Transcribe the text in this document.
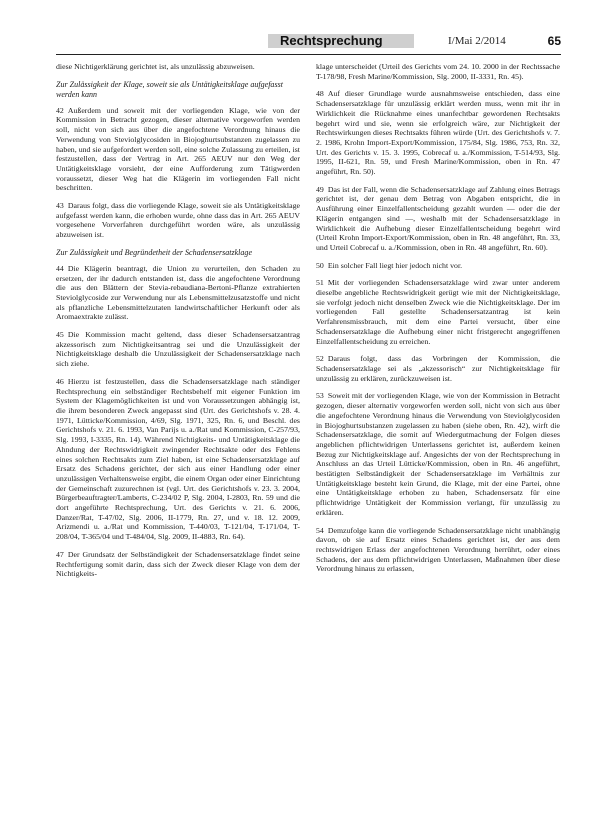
Rechtsprechung	I/Mai 2/2014	65

diese Nichtigerklärung gerichtet ist, als unzulässig abzuweisen.

Zur Zulässigkeit der Klage, soweit sie als Untätigkeitsklage aufgefasst werden kann

42 Außerdem und soweit mit der vorliegenden Klage, wie von der Kommission in Betracht gezogen, dieser alternative vorgeworfen werden soll, nicht von sich aus über die angefochtene Verordnung hinaus die Verwendung von Steviolglycosiden in Biojoghurtsubstanzen zugelassen zu haben, und sie aufgefordert werden soll, eine solche Zulassung zu erteilen, ist festzustellen, dass der Vertrag in Art. 265 AEUV nur den Weg der Untätigkeitsklage vorsieht, der eine Aufforderung zum Tätigwerden voraussetzt, dieser Weg hat die Klägerin im vorliegenden Fall nicht beschritten.

43 Daraus folgt, dass die vorliegende Klage, soweit sie als Untätigkeitsklage aufgefasst werden kann, die erhoben wurde, ohne dass das in Art. 265 AEUV vorgesehene Vorverfahren durchgeführt worden wäre, als unzulässig abzuweisen ist.

Zur Zulässigkeit und Begründetheit der Schadensersatzklage

44 Die Klägerin beantragt, die Union zu verurteilen, den Schaden zu ersetzen, der ihr dadurch entstanden ist, dass die angefochtene Verordnung die aus den Blättern der Stevia-rebaudiana-Bertoni-Pflanze extrahierten Steviolglycoside zur Verwendung nur als Lebensmittelzusatzstoffe und nicht als pflanzliche Lebensmittelzutaten landwirtschaftlicher Herkunft oder als Aromaextrakte zulässt.

45 Die Kommission macht geltend, dass dieser Schadensersatzantrag akzessorisch zum Nichtigkeitsantrag sei und die Unzulässigkeit der Nichtigkeitsklage deshalb die Unzulässigkeit der Schadensersatzklage nach sich ziehe.

46 Hierzu ist festzustellen, dass die Schadensersatzklage nach ständiger Rechtsprechung ein selbständiger Rechtsbehelf mit eigener Funktion im System der Klagemöglichkeiten ist und von Voraussetzungen abhängig ist, die ihrem besonderen Zweck angepasst sind (Urt. des Gerichtshofs v. 28. 4. 1971, Lütticke/Kommission, 4/69, Slg. 1971, 325, Rn. 6, und Beschl. des Gerichtshofs v. 21. 6. 1993, Van Parijs u. a./Rat und Kommission, C-257/93, Slg. 1993, I-3335, Rn. 14). Während Nichtigkeits- und Untätigkeitsklage die Ahndung der Rechtswidrigkeit zwingender Rechtsakte oder des Fehlens eines solchen Rechtsakts zum Ziel haben, ist eine Schadensersatzklage auf Ersatz des Schadens gerichtet, der sich aus einer Handlung oder einer unzulässigen Verhaltensweise ergibt, die einem Organ oder einer Einrichtung der Gemeinschaft zuzurechnen ist (vgl. Urt. des Gerichtshofs v. 23. 3. 2004, Bürgerbeauftragter/Lamberts, C-234/02 P, Slg. 2004, I-2803, Rn. 59 und die dort angeführte Rechtsprechung, Urt. des Gerichts v. 21. 6. 2006, Danzer/Rat, T-47/02, Slg. 2006, II-1779, Rn. 27, und v. 18. 12. 2009, Arizmendi u. a./Rat und Kommission, T-440/03, T-121/04, T-171/04, T-208/04, T-365/04 und T-484/04, Slg. 2009, II-4883, Rn. 64).

47 Der Grundsatz der Selbständigkeit der Schadensersatzklage findet seine Rechtfertigung somit darin, dass sich der Zweck dieser Klage von dem der Nichtigkeits-

klage unterscheidet (Urteil des Gerichts vom 24. 10. 2000 in der Rechtssache T-178/98, Fresh Marine/Kommission, Slg. 2000, II-3331, Rn. 45).

48 Auf dieser Grundlage wurde ausnahmsweise entschieden, dass eine Schadensersatzklage für unzulässig erklärt werden muss, wenn mit ihr in Wirklichkeit die Rücknahme eines unanfechtbar gewordenen Rechtsakts begehrt wird und sie, wenn sie erfolgreich wäre, zur Nichtigkeit der Rechtswirkungen dieses Rechtsakts führen würde (Urt. des Gerichtshofs v. 7. 2. 1986, Krohn Import-Export/Kommission, 175/84, Slg. 1986, 753, Rn. 32, Urt. des Gerichts v. 15. 3. 1995, Cobrecaf u. a./Kommission, T-514/93, Slg. 1995, II-621, Rn. 59, und Fresh Marine/Kommission, oben in Rn. 47 angeführt, Rn. 50).

49 Das ist der Fall, wenn die Schadensersatzklage auf Zahlung eines Betrags gerichtet ist, der genau dem Betrag von Abgaben entspricht, die in Ausführung einer Einzelfallentscheidung gezahlt wurden — oder die der Klägerin entgangen sind —, weshalb mit der Schadensersatzklage in Wirklichkeit die Aufhebung dieser Einzelfallentscheidung begehrt wird (Urteil Krohn Import-Export/Kommission, oben in Rn. 48 angeführt, Rn. 33, und Urteil Cobrecaf u. a./Kommission, oben in Rn. 48 angeführt, Rn. 60).

50 Ein solcher Fall liegt hier jedoch nicht vor.

51 Mit der vorliegenden Schadensersatzklage wird zwar unter anderem dieselbe angebliche Rechtswidrigkeit gerügt wie mit der Nichtigkeitsklage, sie verfolgt jedoch nicht denselben Zweck wie die Nichtigkeitsklage. Der im vorliegenden Fall gestellte Schadensersatzantrag ist kein Verfahrensmissbrauch, mit dem eine Partei versucht, über eine Schadensersatzklage die Aufhebung einer nicht fristgerecht angegriffenen Einzelfallentscheidung zu erreichen.

52 Daraus folgt, dass das Vorbringen der Kommission, die Schadensersatzklage sei als „akzessorisch“ zur Nichtigkeitsklage für unzulässig zu erklären, zurückzuweisen ist.

53 Soweit mit der vorliegenden Klage, wie von der Kommission in Betracht gezogen, dieser alternativ vorgeworfen werden soll, nicht von sich aus über die angefochtene Verordnung hinaus die Verwendung von Steviolglycosiden in Biojoghurtsubstanzen zugelassen zu haben (siehe oben, Rn. 42), wirft die Schadensersatzklage, die somit auf Wiedergutmachung der Folgen dieses angeblichen pflichtwidrigen Unterlassens gerichtet ist, außerdem keinen Bezug zur Nichtigkeitsklage auf. Angesichts der von der Rechtsprechung in Anschluss an das Urteil Lütticke/Kommission, oben in Rn. 46 angeführt, bestätigten Selbständigkeit der Schadensersatzklage im Verhältnis zur Untätigkeitsklage besteht kein Grund, die Klage, mit der eine Partei, ohne eine Untätigkeitsklage erhoben zu haben, Schadensersatz für eine pflichtwidrige Untätigkeit der Kommission verlangt, für unzulässig zu erklären.

54 Demzufolge kann die vorliegende Schadensersatzklage nicht unabhängig davon, ob sie auf Ersatz eines Schadens gerichtet ist, der aus dem rechtswidrigen Erlass der angefochtenen Verordnung herrührt, oder eines Schadens, der aus dem pflichtwidrigen Unterlassen, Maßnahmen über diese Verordnung hinaus zu erlassen,
